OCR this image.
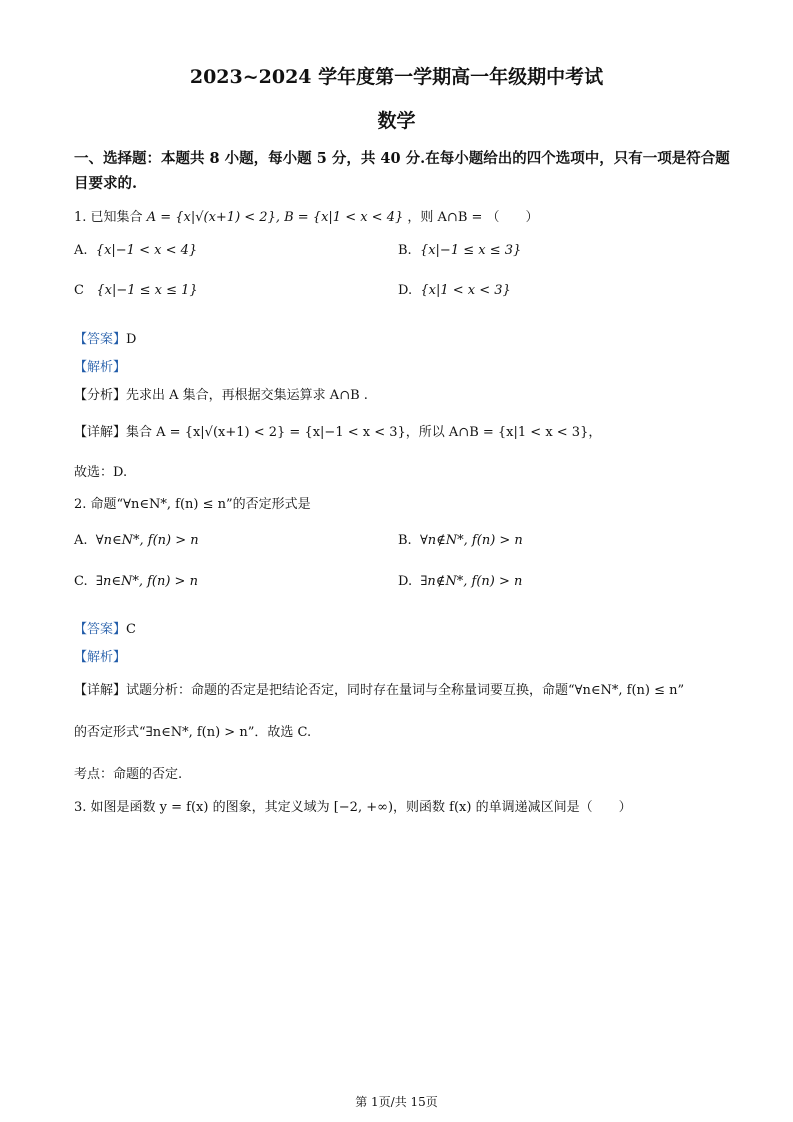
2023~2024 学年度第一学期高一年级期中考试
数学
一、选择题：本题共 8 小题，每小题 5 分，共 40 分.在每小题给出的四个选项中，只有一项是符合题目要求的.
1. 已知集合 A = {x|√(x+1) < 2}, B = {x|1 < x < 4} ，则 A∩B = （　　）
A. {x|−1 < x < 4}	B. {x|−1 ≤ x ≤ 3}
C {x|−1 ≤ x ≤ 1}	D. {x|1 < x < 3}
【答案】D
【解析】
【分析】先求出 A 集合，再根据交集运算求 A∩B .
【详解】集合 A = {x|√(x+1) < 2} = {x|−1 < x < 3}，所以 A∩B = {x|1 < x < 3}，
故选：D.
2. 命题“∀n∈N*, f(n) ≤ n”的否定形式是
A. ∀n∈N*, f(n) > n	B. ∀n∉N*, f(n) > n
C. ∃n∈N*, f(n) > n	D. ∃n∉N*, f(n) > n
【答案】C
【解析】
【详解】试题分析：命题的否定是把结论否定，同时存在量词与全称量词要互换，命题“∀n∈N*, f(n) ≤ n”
的否定形式“∃n∈N*, f(n) > n”．故选 C.
考点：命题的否定.
3. 如图是函数 y = f(x) 的图象，其定义域为 [−2, +∞)，则函数 f(x) 的单调递减区间是（　　）
第 1页/共 15页
